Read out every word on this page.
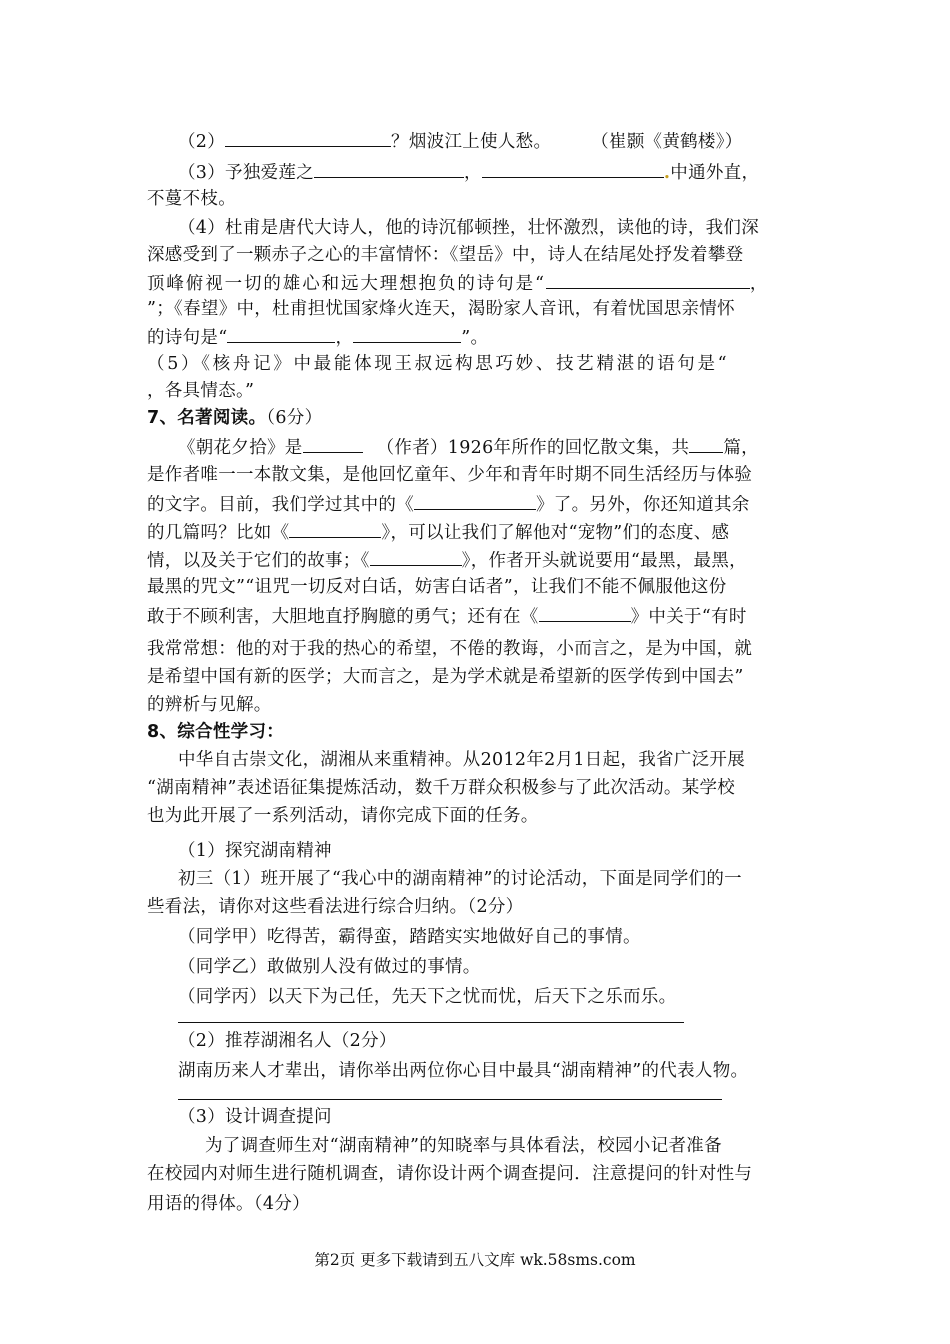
（2）	？烟波江上使人愁。 （崔颢《黄鹤楼》）
（3）予独爱莲之	，	.中通外直，
不蔓不枝。
（4）杜甫是唐代大诗人，他的诗沉郁顿挫，壮怀激烈，读他的诗，我们深
深感受到了一颗赤子之心的丰富情怀：《望岳》中，诗人在结尾处抒发着攀登
顶峰俯视一切的雄心和远大理想抱负的诗句是“	，
”；《春望》中，杜甫担忧国家烽火连天，渴盼家人音讯，有着忧国思亲情怀
的诗句是“	，	”。
（5）《核舟记》中最能体现王叔远构思巧妙、技艺精湛的语句是“
，各具情态。”
7、名著阅读。（6分）
《朝花夕拾》是	（作者）1926年所作的回忆散文集，共 篇，
是作者唯一一本散文集，是他回忆童年、少年和青年时期不同生活经历与体验
的文字。目前，我们学过其中的《	》了。另外，你还知道其余
的几篇吗？比如《	》，可以让我们了解他对“宠物”们的态度、感
情，以及关于它们的故事；《	》，作者开头就说要用“最黑，最黑，
最黑的咒文”“诅咒一切反对白话，妨害白话者”，让我们不能不佩服他这份
敢于不顾利害，大胆地直抒胸臆的勇气；还有在《	》中关于“有时
我常常想：他的对于我的热心的希望，不倦的教诲，小而言之，是为中国，就
是希望中国有新的医学；大而言之，是为学术就是希望新的医学传到中国去”
的辨析与见解。
8、综合性学习：
中华自古崇文化，湖湘从来重精神。从2012年2月1日起，我省广泛开展
“湖南精神”表述语征集提炼活动，数千万群众积极参与了此次活动。某学校
也为此开展了一系列活动，请你完成下面的任务。
（1）探究湖南精神
初三（1）班开展了“我心中的湖南精神”的讨论活动，下面是同学们的一
些看法，请你对这些看法进行综合归纳。（2分）
（同学甲）吃得苦，霸得蛮，踏踏实实地做好自己的事情。
（同学乙）敢做别人没有做过的事情。
（同学丙）以天下为己任，先天下之忧而忧，后天下之乐而乐。
（2）推荐湖湘名人（2分）
湖南历来人才辈出，请你举出两位你心目中最具“湖南精神”的代表人物。
（3）设计调查提问
为了调查师生对“湖南精神”的知晓率与具体看法，校园小记者准备
在校园内对师生进行随机调查，请你设计两个调查提问．注意提问的针对性与
用语的得体。（4分）
第2页 更多下载请到五八文库 wk.58sms.com
